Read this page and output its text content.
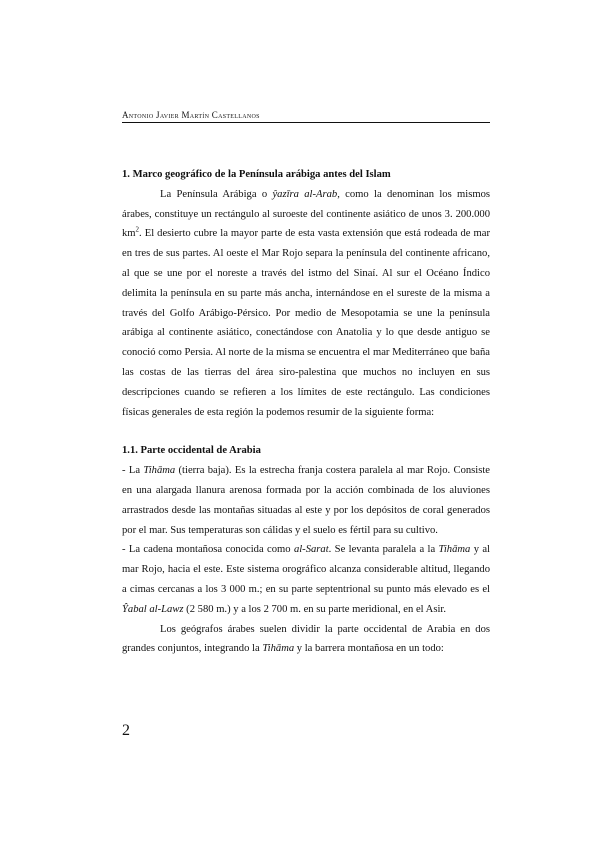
Antonio Javier Martín Castellanos

1. Marco geográfico de la Península arábiga antes del Islam

La Península Arábiga o ŷazīra al-Arab, como la denominan los mismos árabes, constituye un rectángulo al suroeste del continente asiático de unos 3. 200.000 $km^2$. El desierto cubre la mayor parte de esta vasta extensión que está rodeada de mar en tres de sus partes. Al oeste el Mar Rojo separa la península del continente africano, al que se une por el noreste a través del istmo del Sinaí. Al sur el Océano Índico delimita la península en su parte más ancha, internándose en el sureste de la misma a través del Golfo Arábigo-Pérsico. Por medio de Mesopotamia se une la península arábiga al continente asiático, conectándose con Anatolia y lo que desde antiguo se conoció como Persia. Al norte de la misma se encuentra el mar Mediterráneo que baña las costas de las tierras del área siro-palestina que muchos no incluyen en sus descripciones cuando se refieren a los límites de este rectángulo. Las condiciones físicas generales de esta región la podemos resumir de la siguiente forma:

1.1. Parte occidental de Arabia

- La Tihāma (tierra baja). Es la estrecha franja costera paralela al mar Rojo. Consiste en una alargada llanura arenosa formada por la acción combinada de los aluviones arrastrados desde las montañas situadas al este y por los depósitos de coral generados por el mar. Sus temperaturas son cálidas y el suelo es fértil para su cultivo.

- La cadena montañosa conocida como al-Sarat. Se levanta paralela a la Tihāma y al mar Rojo, hacia el este. Este sistema orográfico alcanza considerable altitud, llegando a cimas cercanas a los 3 000 m.; en su parte septentrional su punto más elevado es el Ŷabal al-Lawz (2 580 m.) y a los 2 700 m. en su parte meridional, en el Asir.

Los geógrafos árabes suelen dividir la parte occidental de Arabia en dos grandes conjuntos, integrando la Tihāma y la barrera montañosa en un todo:

2
